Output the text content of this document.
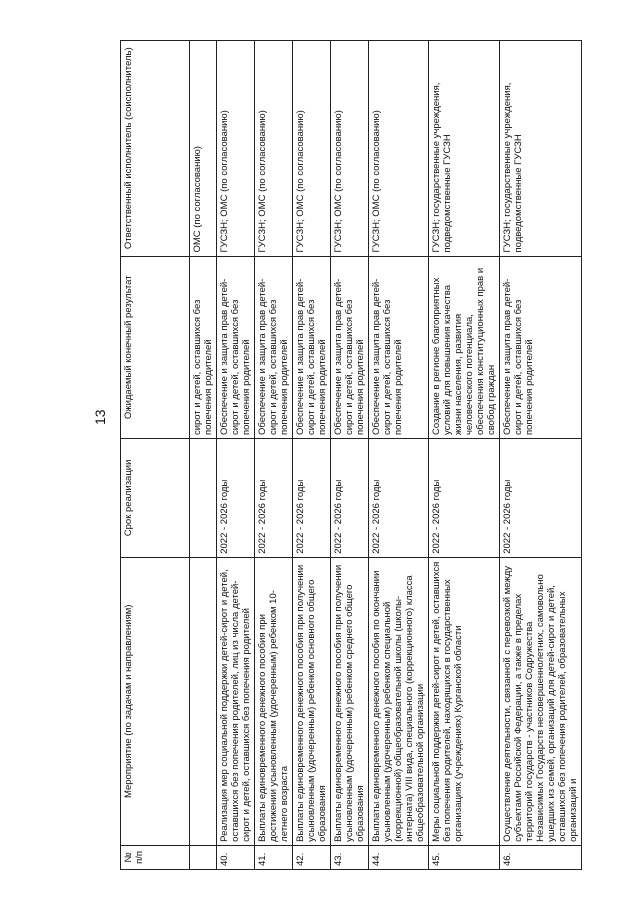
13
№ п/п	Мероприятие (по задачам и направлениям)	Срок реализации	Ожидаемый конечный результат	Ответственный исполнитель (соисполнитель)
			сирот и детей, оставшихся без попечения родителей	ОМС (по согласованию)
40.	Реализация мер социальной поддержки детей-сирот и детей, оставшихся без попечения родителей, лиц из числа детей-сирот и детей, оставшихся без попечения родителей	2022 - 2026 годы	Обеспечение и защита прав детей-сирот и детей, оставшихся без попечения родителей	ГУСЗН; ОМС (по согласованию)
41.	Выплаты единовременного денежного пособия при достижении усыновленным (удочеренным) ребенком 10-летнего возраста	2022 - 2026 годы	Обеспечение и защита прав детей-сирот и детей, оставшихся без попечения родителей	ГУСЗН; ОМС (по согласованию)
42.	Выплаты единовременного денежного пособия при получении усыновленным (удочеренным) ребенком основного общего образования	2022 - 2026 годы	Обеспечение и защита прав детей-сирот и детей, оставшихся без попечения родителей	ГУСЗН; ОМС (по согласованию)
43.	Выплаты единовременного денежного пособия при получении усыновленным (удочеренным) ребенком среднего общего образования	2022 - 2026 годы	Обеспечение и защита прав детей-сирот и детей, оставшихся без попечения родителей	ГУСЗН; ОМС (по согласованию)
44.	Выплаты единовременного денежного пособия по окончании усыновленным (удочеренным) ребенком специальной (коррекционной) общеобразовательной школы (школы-интерната) VIII вида, специального (коррекционного) класса общеобразовательной организации	2022 - 2026 годы	Обеспечение и защита прав детей-сирот и детей, оставшихся без попечения родителей	ГУСЗН; ОМС (по согласованию)
45.	Меры социальной поддержки детей-сирот и детей, оставшихся без попечения родителей, находящихся в государственных организациях (учреждениях) Курганской области	2022 - 2026 годы	Создание в регионе благоприятных условий для повышения качества жизни населения, развития человеческого потенциала, обеспечения конституционных прав и свобод граждан	ГУСЗН; государственные учреждения, подведомственные ГУСЗН
46.	Осуществление деятельности, связанной с перевозкой между субъектами Российской Федерации, а также в пределах территорий государств - участников Содружества Независимых Государств несовершеннолетних, самовольно ушедших из семей, организаций для детей-сирот и детей, оставшихся без попечения родителей, образовательных организаций и	2022 - 2026 годы	Обеспечение и защита прав детей-сирот и детей, оставшихся без попечения родителей	ГУСЗН; государственные учреждения, подведомственные ГУСЗН
